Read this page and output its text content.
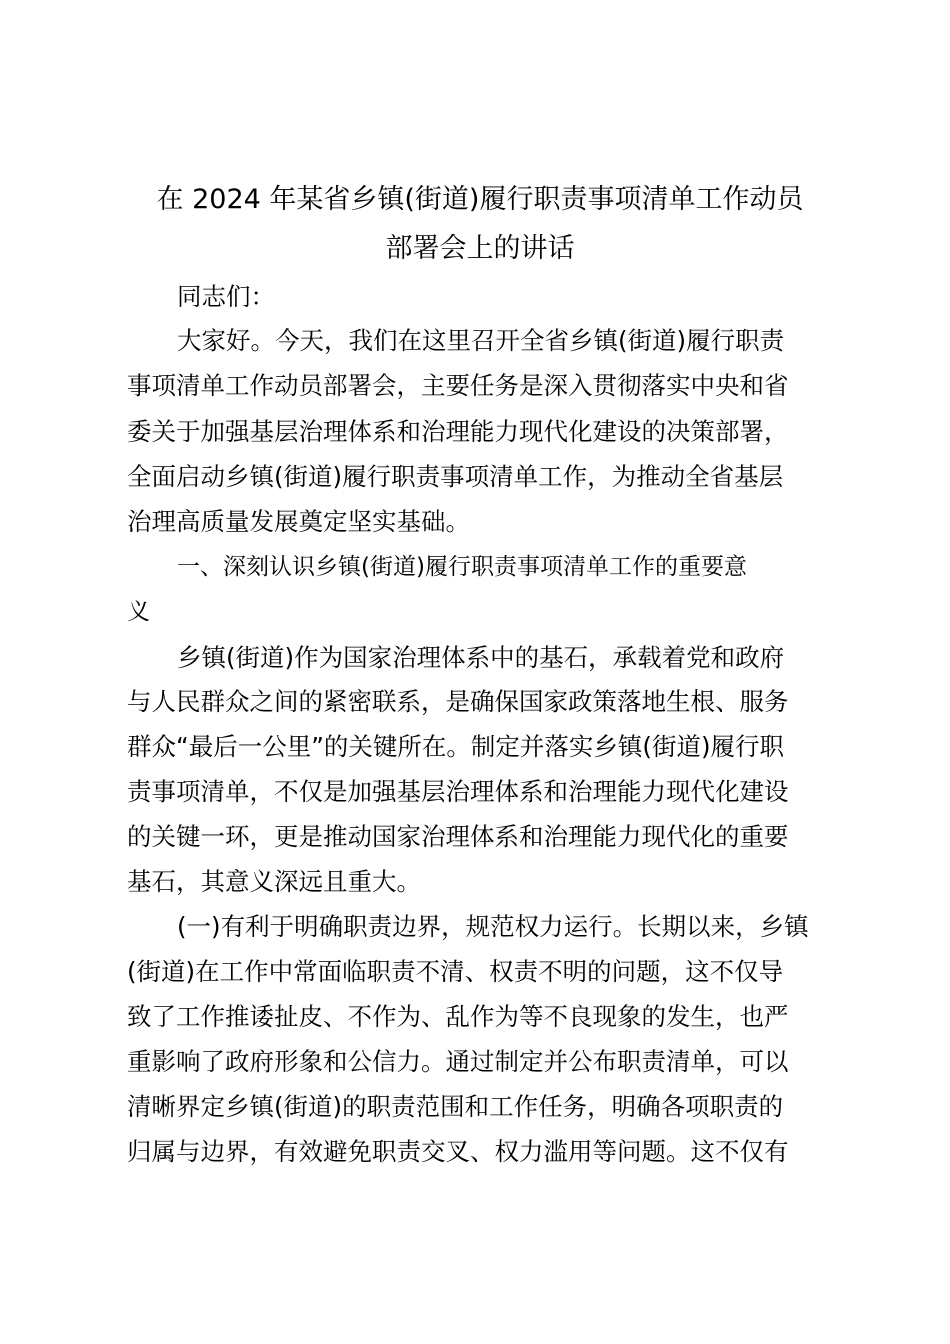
在 2024 年某省乡镇(街道)履行职责事项清单工作动员
部署会上的讲话

同志们：

大家好。今天，我们在这里召开全省乡镇(街道)履行职责

事项清单工作动员部署会，主要任务是深入贯彻落实中央和省

委关于加强基层治理体系和治理能力现代化建设的决策部署，

全面启动乡镇(街道)履行职责事项清单工作，为推动全省基层

治理高质量发展奠定坚实基础。

一、深刻认识乡镇(街道)履行职责事项清单工作的重要意

义

乡镇(街道)作为国家治理体系中的基石，承载着党和政府

与人民群众之间的紧密联系，是确保国家政策落地生根、服务

群众“最后一公里”的关键所在。制定并落实乡镇(街道)履行职

责事项清单，不仅是加强基层治理体系和治理能力现代化建设

的关键一环，更是推动国家治理体系和治理能力现代化的重要

基石，其意义深远且重大。

(一)有利于明确职责边界，规范权力运行。长期以来，乡镇

(街道)在工作中常面临职责不清、权责不明的问题，这不仅导

致了工作推诿扯皮、不作为、乱作为等不良现象的发生，也严

重影响了政府形象和公信力。通过制定并公布职责清单，可以

清晰界定乡镇(街道)的职责范围和工作任务，明确各项职责的

归属与边界，有效避免职责交叉、权力滥用等问题。这不仅有
